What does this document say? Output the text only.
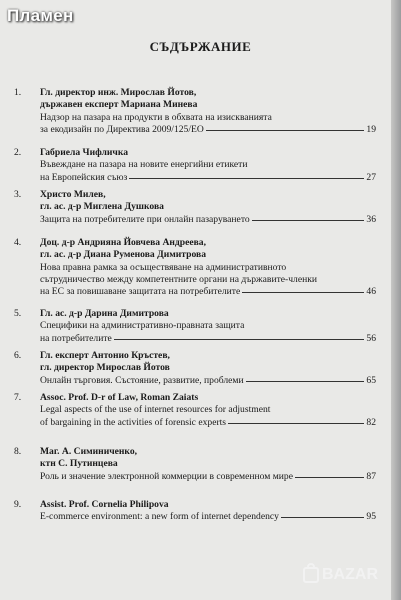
Пламен
СЪДЪРЖАНИЕ
1. Гл. директор инж. Мирослав Йотов,
държавен експерт Мариана Минева
Надзор на пазара на продукти в обхвата на изискванията
за екодизайн по Директива 2009/125/ЕО	19
2. Габриела Чифличка
Въвеждане на пазара на новите енергийни етикети
на Европейския съюз	27
3. Христо Милев,
гл. ас. д-р Миглена Душкова
Защита на потребителите при онлайн пазаруването	36
4. Доц. д-р Андрияна Йовчева Андреева,
гл. ас. д-р Диана Руменова Димитрова
Нова правна рамка за осъществяване на административното
сътрудничество между компетентните органи на държавите-членки
на ЕС за повишаване защитата на потребителите	46
5. Гл. ас. д-р Дарина Димитрова
Специфики на административно-правната защита
на потребителите	56
6. Гл. експерт Антонио Кръстев,
гл. директор Мирослав Йотов
Онлайн търговия. Състояние, развитие, проблеми	65
7. Assoc. Prof. D-r of Law, Roman Zaiats
Legal aspects of the use of internet resources for adjustment
of bargaining in the activities of forensic experts	82
8. Маг. А. Симиниченко,
ктн С. Путинцева
Роль и значение электронной коммерции в современном мире	87
9. Assist. Prof. Cornelia Philipova
E-commerce environment: a new form of internet dependency	95
BAZAR
